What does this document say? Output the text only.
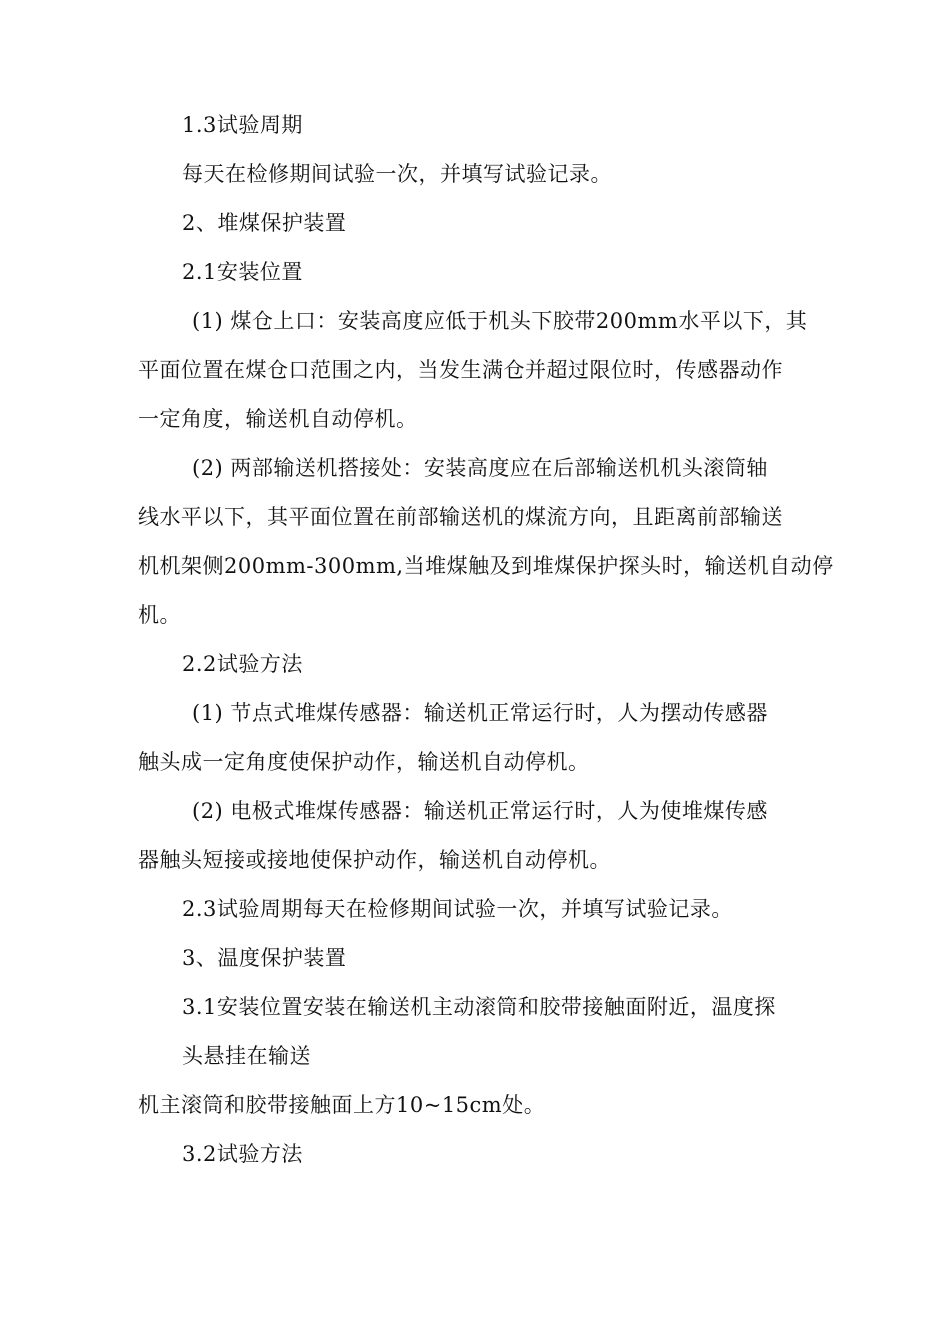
1.3试验周期
每天在检修期间试验一次，并填写试验记录。
2、堆煤保护装置
2.1安装位置
(1) 煤仓上口：安装高度应低于机头下胶带200mm水平以下，其
平面位置在煤仓口范围之内，当发生满仓并超过限位时，传感器动作
一定角度，输送机自动停机。
(2) 两部输送机搭接处：安装高度应在后部输送机机头滚筒轴
线水平以下，其平面位置在前部输送机的煤流方向，且距离前部输送
机机架侧200mm-300mm,当堆煤触及到堆煤保护探头时，输送机自动停
机。
2.2试验方法
(1) 节点式堆煤传感器：输送机正常运行时，人为摆动传感器
触头成一定角度使保护动作，输送机自动停机。
(2) 电极式堆煤传感器：输送机正常运行时，人为使堆煤传感
器触头短接或接地使保护动作，输送机自动停机。
2.3试验周期每天在检修期间试验一次，并填写试验记录。
3、温度保护装置
3.1安装位置安装在输送机主动滚筒和胶带接触面附近，温度探
头悬挂在输送
机主滚筒和胶带接触面上方10~15cm处。
3.2试验方法
